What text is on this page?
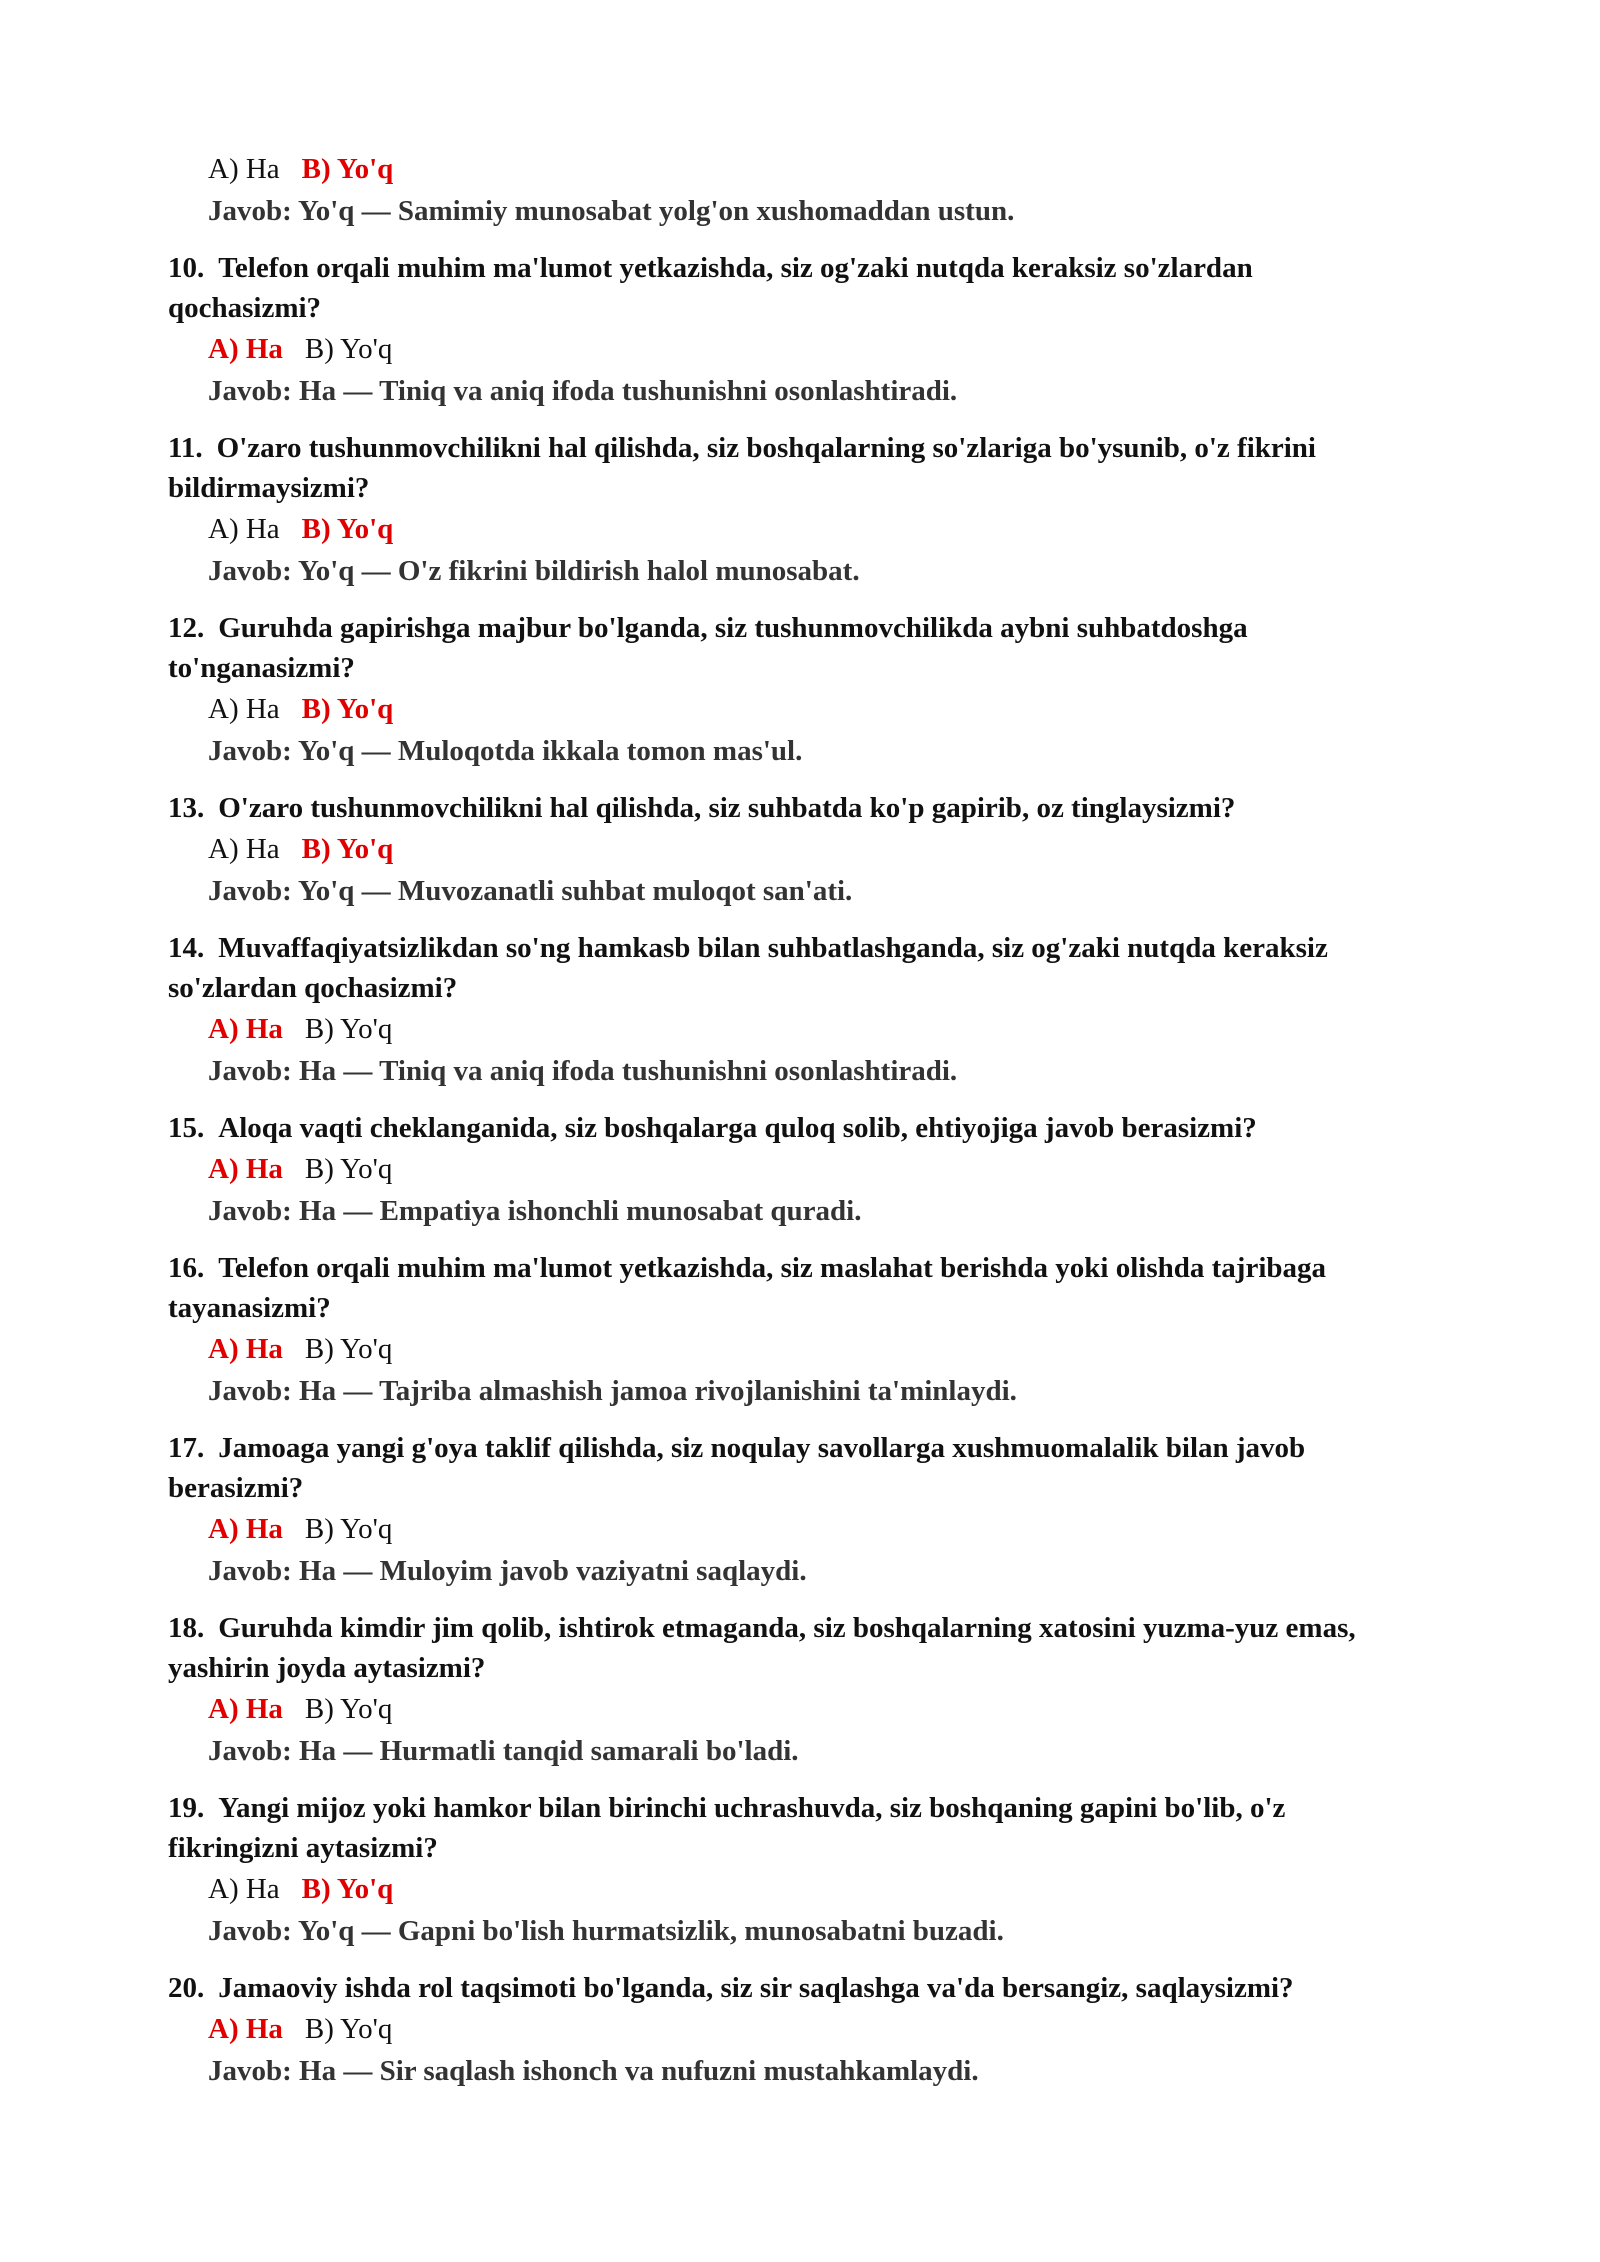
A) Ha B) Yo'q
Javob: Yo'q — Samimiy munosabat yolg'on xushomaddan ustun.
10. Telefon orqali muhim ma'lumot yetkazishda, siz og'zaki nutqda keraksiz so'zlardan qochasizmi?
A) Ha B) Yo'q
Javob: Ha — Tiniq va aniq ifoda tushunishni osonlashtiradi.
11. O'zaro tushunmovchilikni hal qilishda, siz boshqalarning so'zlariga bo'ysunib, o'z fikrini bildirmaysizmi?
A) Ha B) Yo'q
Javob: Yo'q — O'z fikrini bildirish halol munosabat.
12. Guruhda gapirishga majbur bo'lganda, siz tushunmovchilikda aybni suhbatdoshga to'nganasizmi?
A) Ha B) Yo'q
Javob: Yo'q — Muloqotda ikkala tomon mas'ul.
13. O'zaro tushunmovchilikni hal qilishda, siz suhbatda ko'p gapirib, oz tinglaysizmi?
A) Ha B) Yo'q
Javob: Yo'q — Muvozanatli suhbat muloqot san'ati.
14. Muvaffaqiyatsizlikdan so'ng hamkasb bilan suhbatlashganda, siz og'zaki nutqda keraksiz so'zlardan qochasizmi?
A) Ha B) Yo'q
Javob: Ha — Tiniq va aniq ifoda tushunishni osonlashtiradi.
15. Aloqa vaqti cheklanganida, siz boshqalarga quloq solib, ehtiyojiga javob berasizmi?
A) Ha B) Yo'q
Javob: Ha — Empatiya ishonchli munosabat quradi.
16. Telefon orqali muhim ma'lumot yetkazishda, siz maslahat berishda yoki olishda tajribaga tayanasizmi?
A) Ha B) Yo'q
Javob: Ha — Tajriba almashish jamoa rivojlanishini ta'minlaydi.
17. Jamoaga yangi g'oya taklif qilishda, siz noqulay savollarga xushmuomalalik bilan javob berasizmi?
A) Ha B) Yo'q
Javob: Ha — Muloyim javob vaziyatni saqlaydi.
18. Guruhda kimdir jim qolib, ishtirok etmaganda, siz boshqalarning xatosini yuzma-yuz emas, yashirin joyda aytasizmi?
A) Ha B) Yo'q
Javob: Ha — Hurmatli tanqid samarali bo'ladi.
19. Yangi mijoz yoki hamkor bilan birinchi uchrashuvda, siz boshqaning gapini bo'lib, o'z fikringizni aytasizmi?
A) Ha B) Yo'q
Javob: Yo'q — Gapni bo'lish hurmatsizlik, munosabatni buzadi.
20. Jamaoviy ishda rol taqsimoti bo'lganda, siz sir saqlashga va'da bersangiz, saqlaysizmi?
A) Ha B) Yo'q
Javob: Ha — Sir saqlash ishonch va nufuzni mustahkamlaydi.
